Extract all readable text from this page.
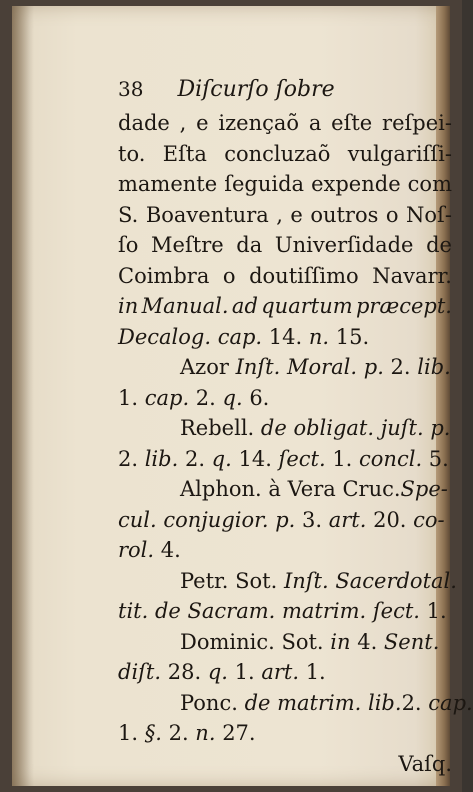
38 Diſcurſo ſobre
dade , e izençaõ a eſte reſpei-
to. Eſta concluzaõ vulgariſſi-
mamente ſeguida expende com
S. Boaventura , e outros o Noſ-
ſo Meſtre da Univerſidade de
Coimbra o doutiſſimo Navarr.
in Manual. ad quartum præcept.
Decalog. cap. 14. n. 15.
Azor Inſt. Moral. p. 2. lib.
1. cap. 2. q. 6.
Rebell. de obligat. juſt. p.
2. lib. 2. q. 14. ſect. 1. concl. 5.
Alphon. à Vera Cruc. Spe-
cul. conjugior. p. 3. art. 20. co-
rol. 4.
Petr. Sot. Inſt. Sacerdotal.
tit. de Sacram. matrim. ſect. 1.
Dominic. Sot. in 4. Sent.
diſt. 28. q. 1. art. 1.
Ponc. de matrim. lib. 2. cap.
1. §. 2. n. 27.
Vaſq.
